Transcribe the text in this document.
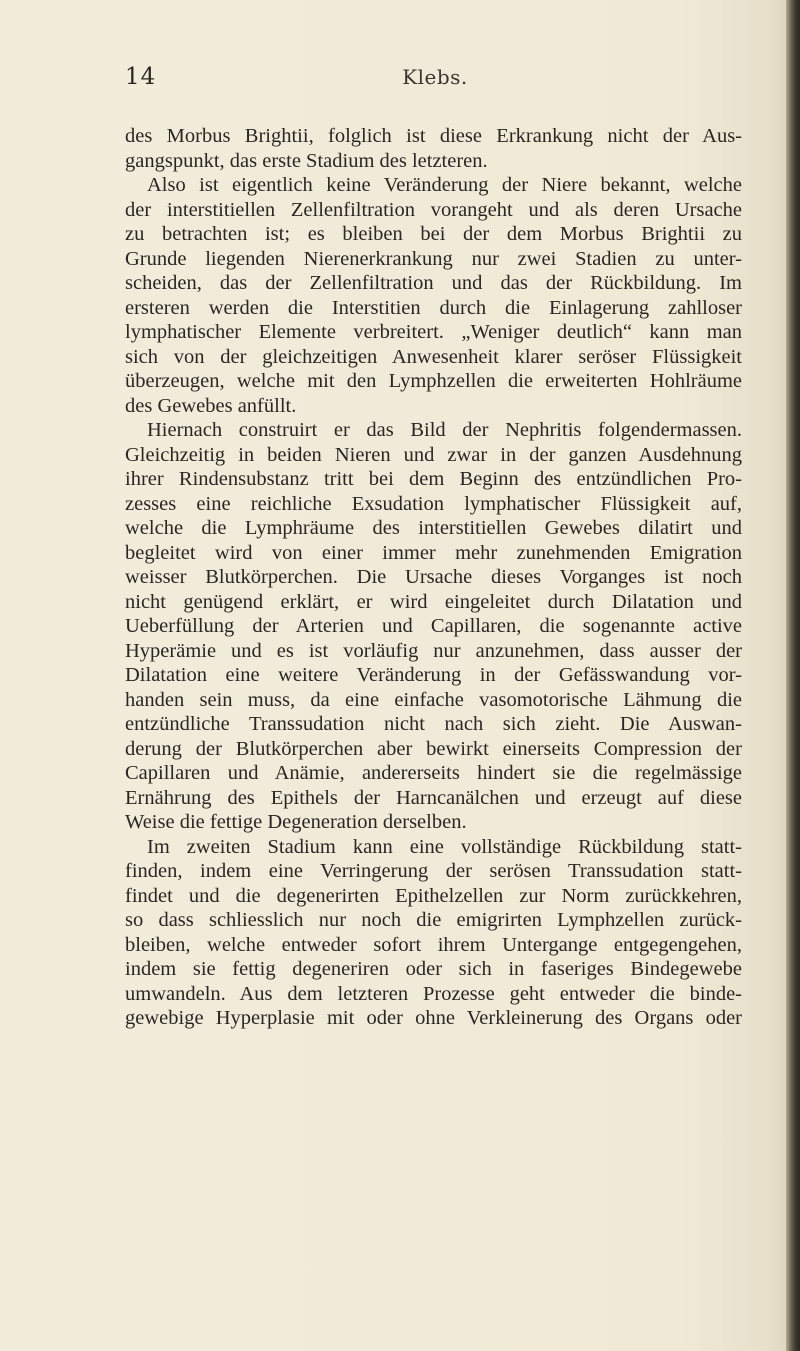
14	Klebs.
des Morbus Brightii, folglich ist diese Erkrankung nicht der Aus-
gangspunkt, das erste Stadium des letzteren.
Also ist eigentlich keine Veränderung der Niere bekannt, welche
der interstitiellen Zellenfiltration vorangeht und als deren Ursache
zu betrachten ist; es bleiben bei der dem Morbus Brightii zu
Grunde liegenden Nierenerkrankung nur zwei Stadien zu unter-
scheiden, das der Zellenfiltration und das der Rückbildung. Im
ersteren werden die Interstitien durch die Einlagerung zahlloser
lymphatischer Elemente verbreitert. „Weniger deutlich“ kann man
sich von der gleichzeitigen Anwesenheit klarer seröser Flüssigkeit
überzeugen, welche mit den Lymphzellen die erweiterten Hohlräume
des Gewebes anfüllt.
Hiernach construirt er das Bild der Nephritis folgendermassen.
Gleichzeitig in beiden Nieren und zwar in der ganzen Ausdehnung
ihrer Rindensubstanz tritt bei dem Beginn des entzündlichen Pro-
zesses eine reichliche Exsudation lymphatischer Flüssigkeit auf,
welche die Lymphräume des interstitiellen Gewebes dilatirt und
begleitet wird von einer immer mehr zunehmenden Emigration
weisser Blutkörperchen. Die Ursache dieses Vorganges ist noch
nicht genügend erklärt, er wird eingeleitet durch Dilatation und
Ueberfüllung der Arterien und Capillaren, die sogenannte active
Hyperämie und es ist vorläufig nur anzunehmen, dass ausser der
Dilatation eine weitere Veränderung in der Gefässwandung vor-
handen sein muss, da eine einfache vasomotorische Lähmung die
entzündliche Transsudation nicht nach sich zieht. Die Auswan-
derung der Blutkörperchen aber bewirkt einerseits Compression der
Capillaren und Anämie, andererseits hindert sie die regelmässige
Ernährung des Epithels der Harncanälchen und erzeugt auf diese
Weise die fettige Degeneration derselben.
Im zweiten Stadium kann eine vollständige Rückbildung statt-
finden, indem eine Verringerung der serösen Transsudation statt-
findet und die degenerirten Epithelzellen zur Norm zurückkehren,
so dass schliesslich nur noch die emigrirten Lymphzellen zurück-
bleiben, welche entweder sofort ihrem Untergange entgegengehen,
indem sie fettig degeneriren oder sich in faseriges Bindegewebe
umwandeln. Aus dem letzteren Prozesse geht entweder die binde-
gewebige Hyperplasie mit oder ohne Verkleinerung des Organs oder
